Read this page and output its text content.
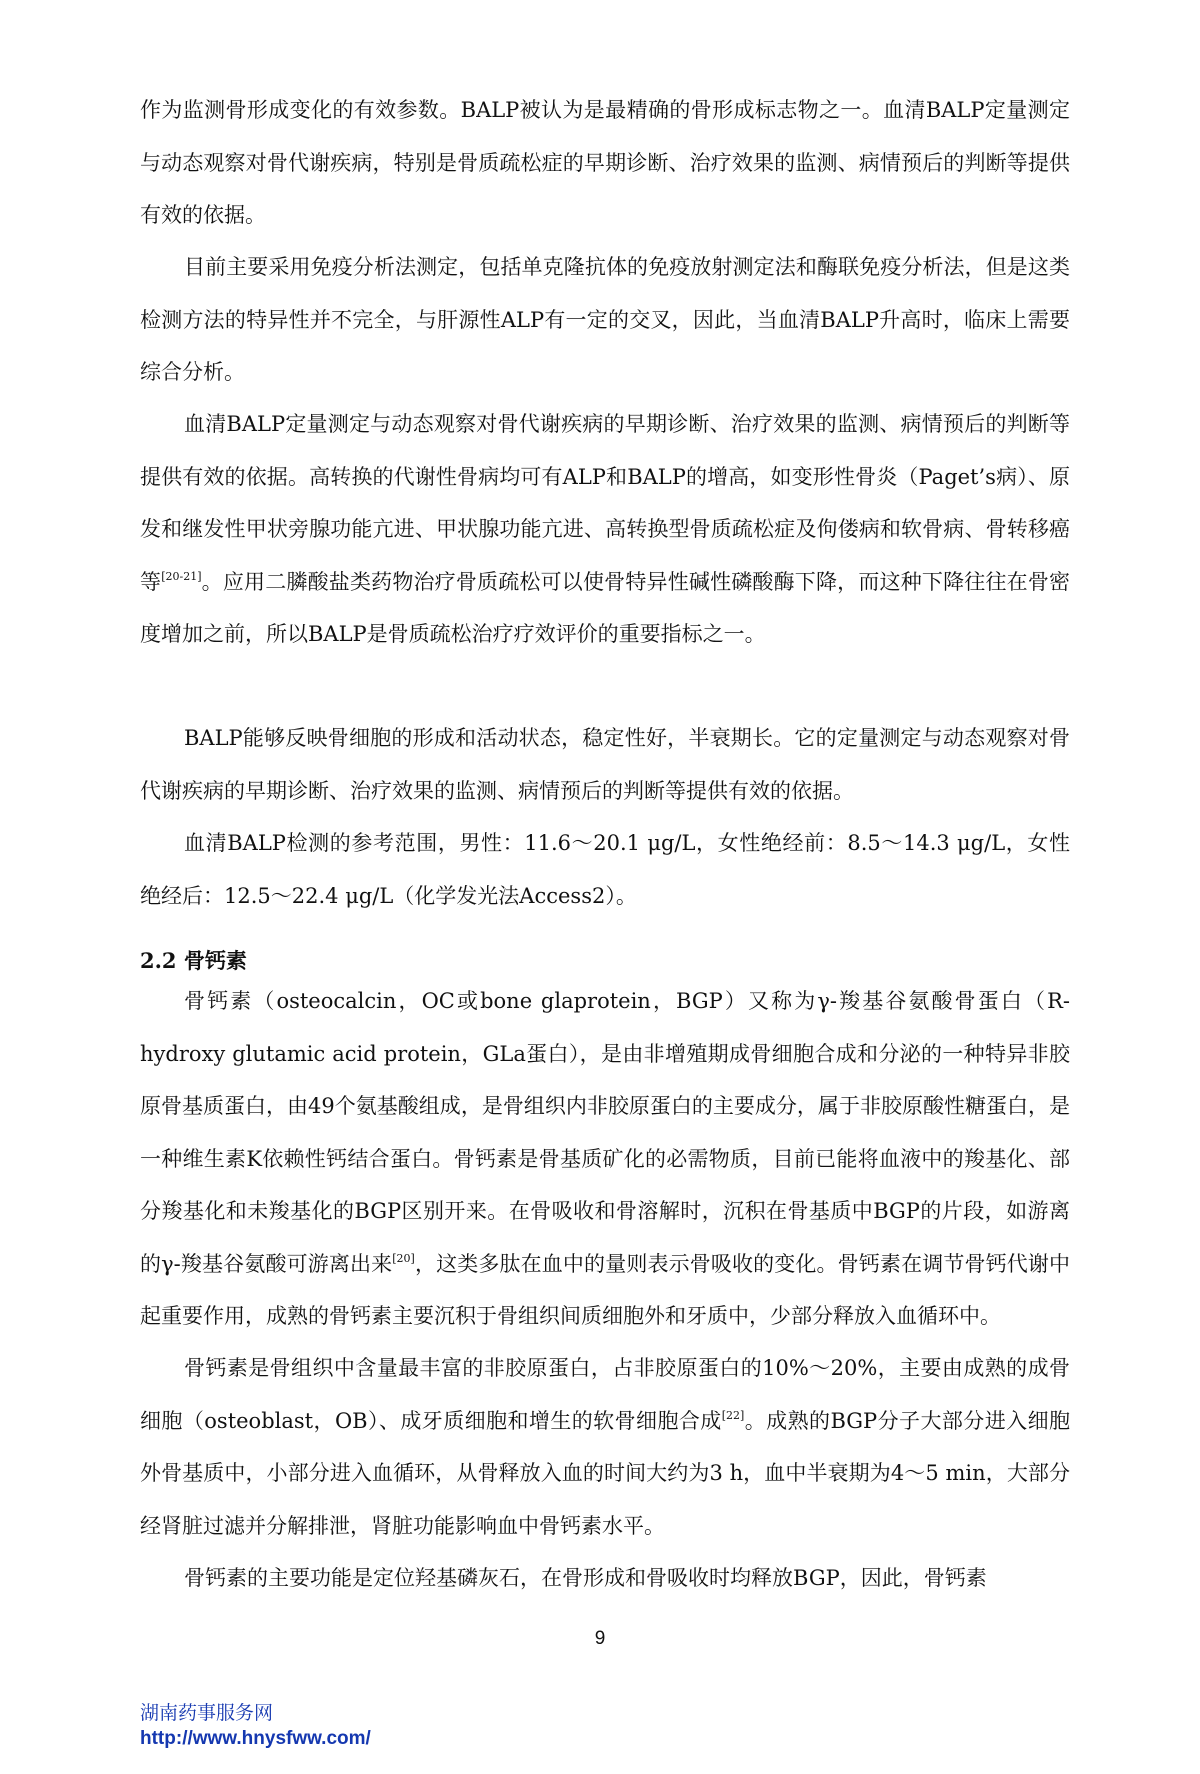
作为监测骨形成变化的有效参数。BALP被认为是最精确的骨形成标志物之一。血清BALP定量测定与动态观察对骨代谢疾病，特别是骨质疏松症的早期诊断、治疗效果的监测、病情预后的判断等提供有效的依据。

目前主要采用免疫分析法测定，包括单克隆抗体的免疫放射测定法和酶联免疫分析法，但是这类检测方法的特异性并不完全，与肝源性ALP有一定的交叉，因此，当血清BALP升高时，临床上需要综合分析。

血清BALP定量测定与动态观察对骨代谢疾病的早期诊断、治疗效果的监测、病情预后的判断等提供有效的依据。高转换的代谢性骨病均可有ALP和BALP的增高，如变形性骨炎（Paget’s病）、原发和继发性甲状旁腺功能亢进、甲状腺功能亢进、高转换型骨质疏松症及佝偻病和软骨病、骨转移癌等[20-21]。应用二膦酸盐类药物治疗骨质疏松可以使骨特异性碱性磷酸酶下降，而这种下降往往在骨密度增加之前，所以BALP是骨质疏松治疗疗效评价的重要指标之一。

BALP能够反映骨细胞的形成和活动状态，稳定性好，半衰期长。它的定量测定与动态观察对骨代谢疾病的早期诊断、治疗效果的监测、病情预后的判断等提供有效的依据。

血清BALP检测的参考范围，男性：11.6～20.1 μg/L，女性绝经前：8.5～14.3 μg/L，女性绝经后：12.5～22.4 μg/L（化学发光法Access2）。

2.2 骨钙素

骨钙素（osteocalcin，OC或bone glaprotein，BGP）又称为γ-羧基谷氨酸骨蛋白（R-hydroxy glutamic acid protein，GLa蛋白），是由非增殖期成骨细胞合成和分泌的一种特异非胶原骨基质蛋白，由49个氨基酸组成，是骨组织内非胶原蛋白的主要成分，属于非胶原酸性糖蛋白，是一种维生素K依赖性钙结合蛋白。骨钙素是骨基质矿化的必需物质，目前已能将血液中的羧基化、部分羧基化和未羧基化的BGP区别开来。在骨吸收和骨溶解时，沉积在骨基质中BGP的片段，如游离的γ-羧基谷氨酸可游离出来[20]，这类多肽在血中的量则表示骨吸收的变化。骨钙素在调节骨钙代谢中起重要作用，成熟的骨钙素主要沉积于骨组织间质细胞外和牙质中，少部分释放入血循环中。

骨钙素是骨组织中含量最丰富的非胶原蛋白，占非胶原蛋白的10%～20%，主要由成熟的成骨细胞（osteoblast，OB）、成牙质细胞和增生的软骨细胞合成[22]。成熟的BGP分子大部分进入细胞外骨基质中，小部分进入血循环，从骨释放入血的时间大约为3 h，血中半衰期为4～5 min，大部分经肾脏过滤并分解排泄，肾脏功能影响血中骨钙素水平。

骨钙素的主要功能是定位羟基磷灰石，在骨形成和骨吸收时均释放BGP，因此，骨钙素

9
湖南药事服务网
http://www.hnysfww.com/
